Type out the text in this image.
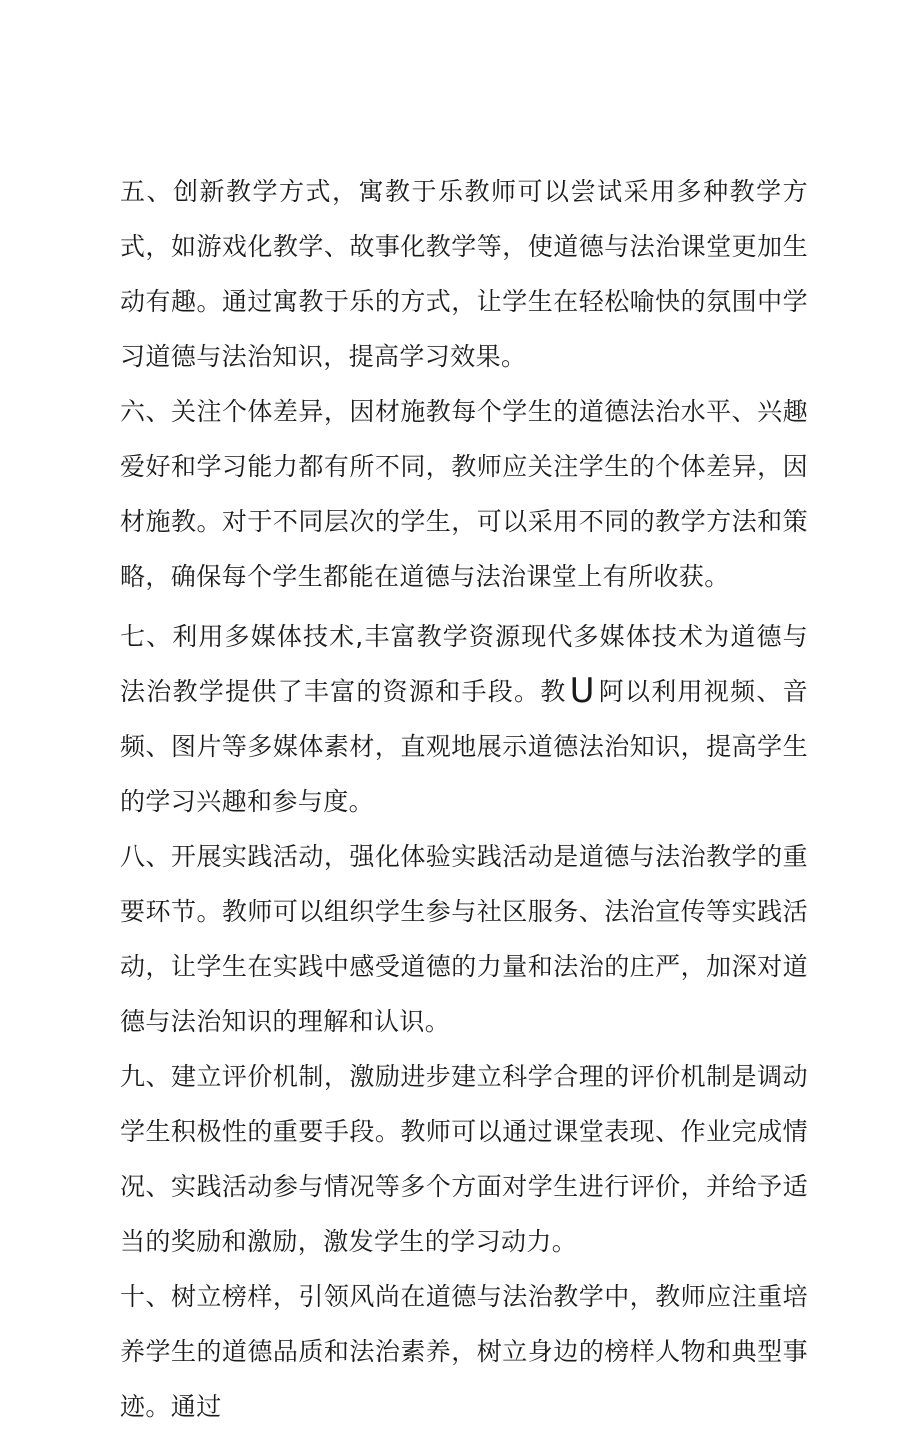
五、创新教学方式，寓教于乐教师可以尝试采用多种教学方式，如游戏化教学、故事化教学等，使道德与法治课堂更加生动有趣。通过寓教于乐的方式，让学生在轻松喻快的氛围中学习道德与法治知识，提高学习效果。

六、关注个体差异，因材施教每个学生的道德法治水平、兴趣爱好和学习能力都有所不同，教师应关注学生的个体差异，因材施教。对于不同层次的学生，可以采用不同的教学方法和策略，确保每个学生都能在道德与法治课堂上有所收获。

七、利用多媒体技术,丰富教学资源现代多媒体技术为道德与法治教学提供了丰富的资源和手段。教U 阿以利用视频、音频、图片等多媒体素材，直观地展示道德法治知识，提高学生的学习兴趣和参与度。

八、开展实践活动，强化体验实践活动是道德与法治教学的重要环节。教师可以组织学生参与社区服务、法治宣传等实践活动，让学生在实践中感受道德的力量和法治的庄严，加深对道德与法治知识的理解和认识。

九、建立评价机制，激励进步建立科学合理的评价机制是调动学生积极性的重要手段。教师可以通过课堂表现、作业完成情况、实践活动参与情况等多个方面对学生进行评价，并给予适当的奖励和激励，激发学生的学习动力。

十、树立榜样，引领风尚在道德与法治教学中，教师应注重培养学生的道德品质和法治素养，树立身边的榜样人物和典型事迹。通过
